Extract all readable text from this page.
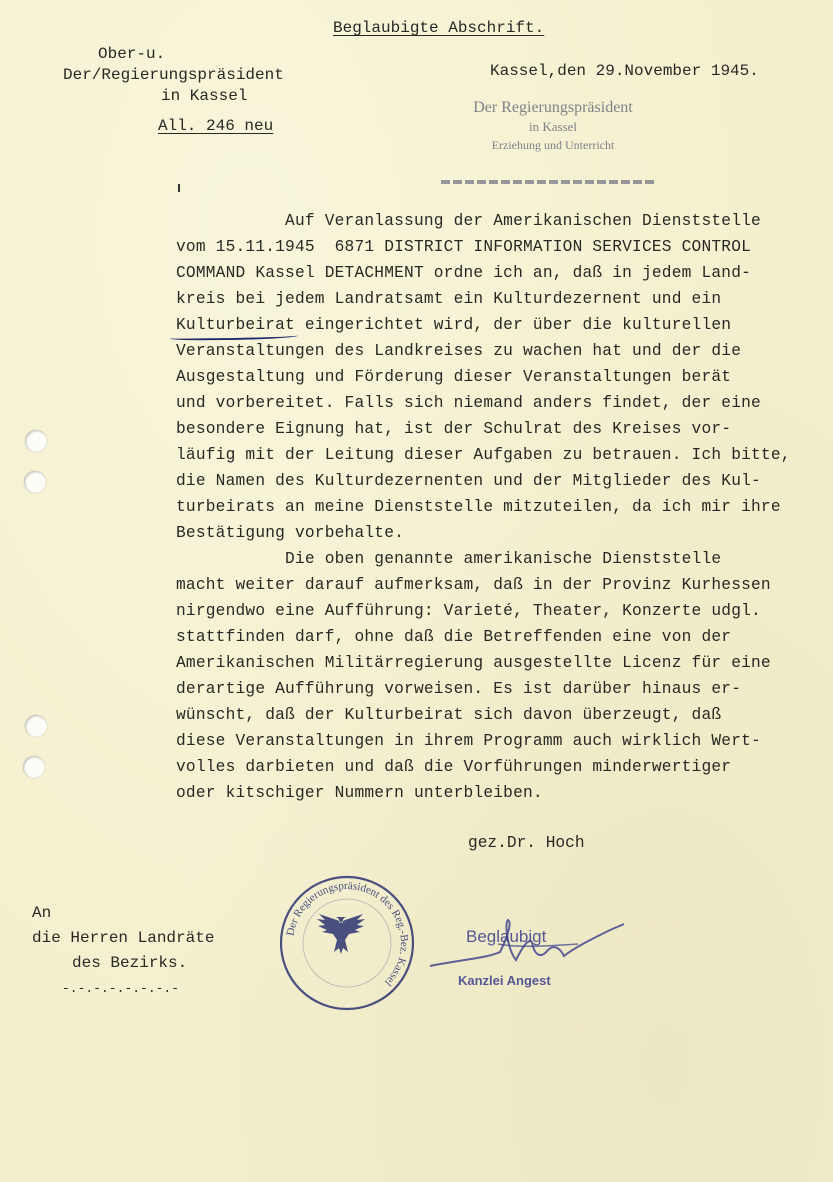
Beglaubigte Abschrift.
Ober-u.
Der/Regierungspräsident
in Kassel
All. 246 neu
Kassel,den 29.November 1945.
Der Regierungspräsident
in Kassel
Erziehung und Unterricht
Auf Veranlassung der Amerikanischen Dienststelle
vom 15.11.1945  6871 DISTRICT INFORMATION SERVICES CONTROL
COMMAND Kassel DETACHMENT ordne ich an, daß in jedem Land-
kreis bei jedem Landratsamt ein Kulturdezernent und ein
Kulturbeirat eingerichtet wird, der über die kulturellen
Veranstaltungen des Landkreises zu wachen hat und der die
Ausgestaltung und Förderung dieser Veranstaltungen berät
und vorbereitet. Falls sich niemand anders findet, der eine
besondere Eignung hat, ist der Schulrat des Kreises vor-
läufig mit der Leitung dieser Aufgaben zu betrauen. Ich bitte,
die Namen des Kulturdezernenten und der Mitglieder des Kul-
turbeirats an meine Dienststelle mitzuteilen, da ich mir ihre
Bestätigung vorbehalte.
Die oben genannte amerikanische Dienststelle
macht weiter darauf aufmerksam, daß in der Provinz Kurhessen
nirgendwo eine Aufführung: Varieté, Theater, Konzerte udgl.
stattfinden darf, ohne daß die Betreffenden eine von der
Amerikanischen Militärregierung ausgestellte Licenz für eine
derartige Aufführung vorweisen. Es ist darüber hinaus er-
wünscht, daß der Kulturbeirat sich davon überzeugt, daß
diese Veranstaltungen in ihrem Programm auch wirklich Wert-
volles darbieten und daß die Vorführungen minderwertiger
oder kitschiger Nummern unterbleiben.
gez.Dr. Hoch
An
die Herren Landräte
des Bezirks.
-.-.-.-.-.-.-.-
Der Regierungspräsident des Reg.-Bez. Kassel
Beglaubigt
Kanzlei Angest
